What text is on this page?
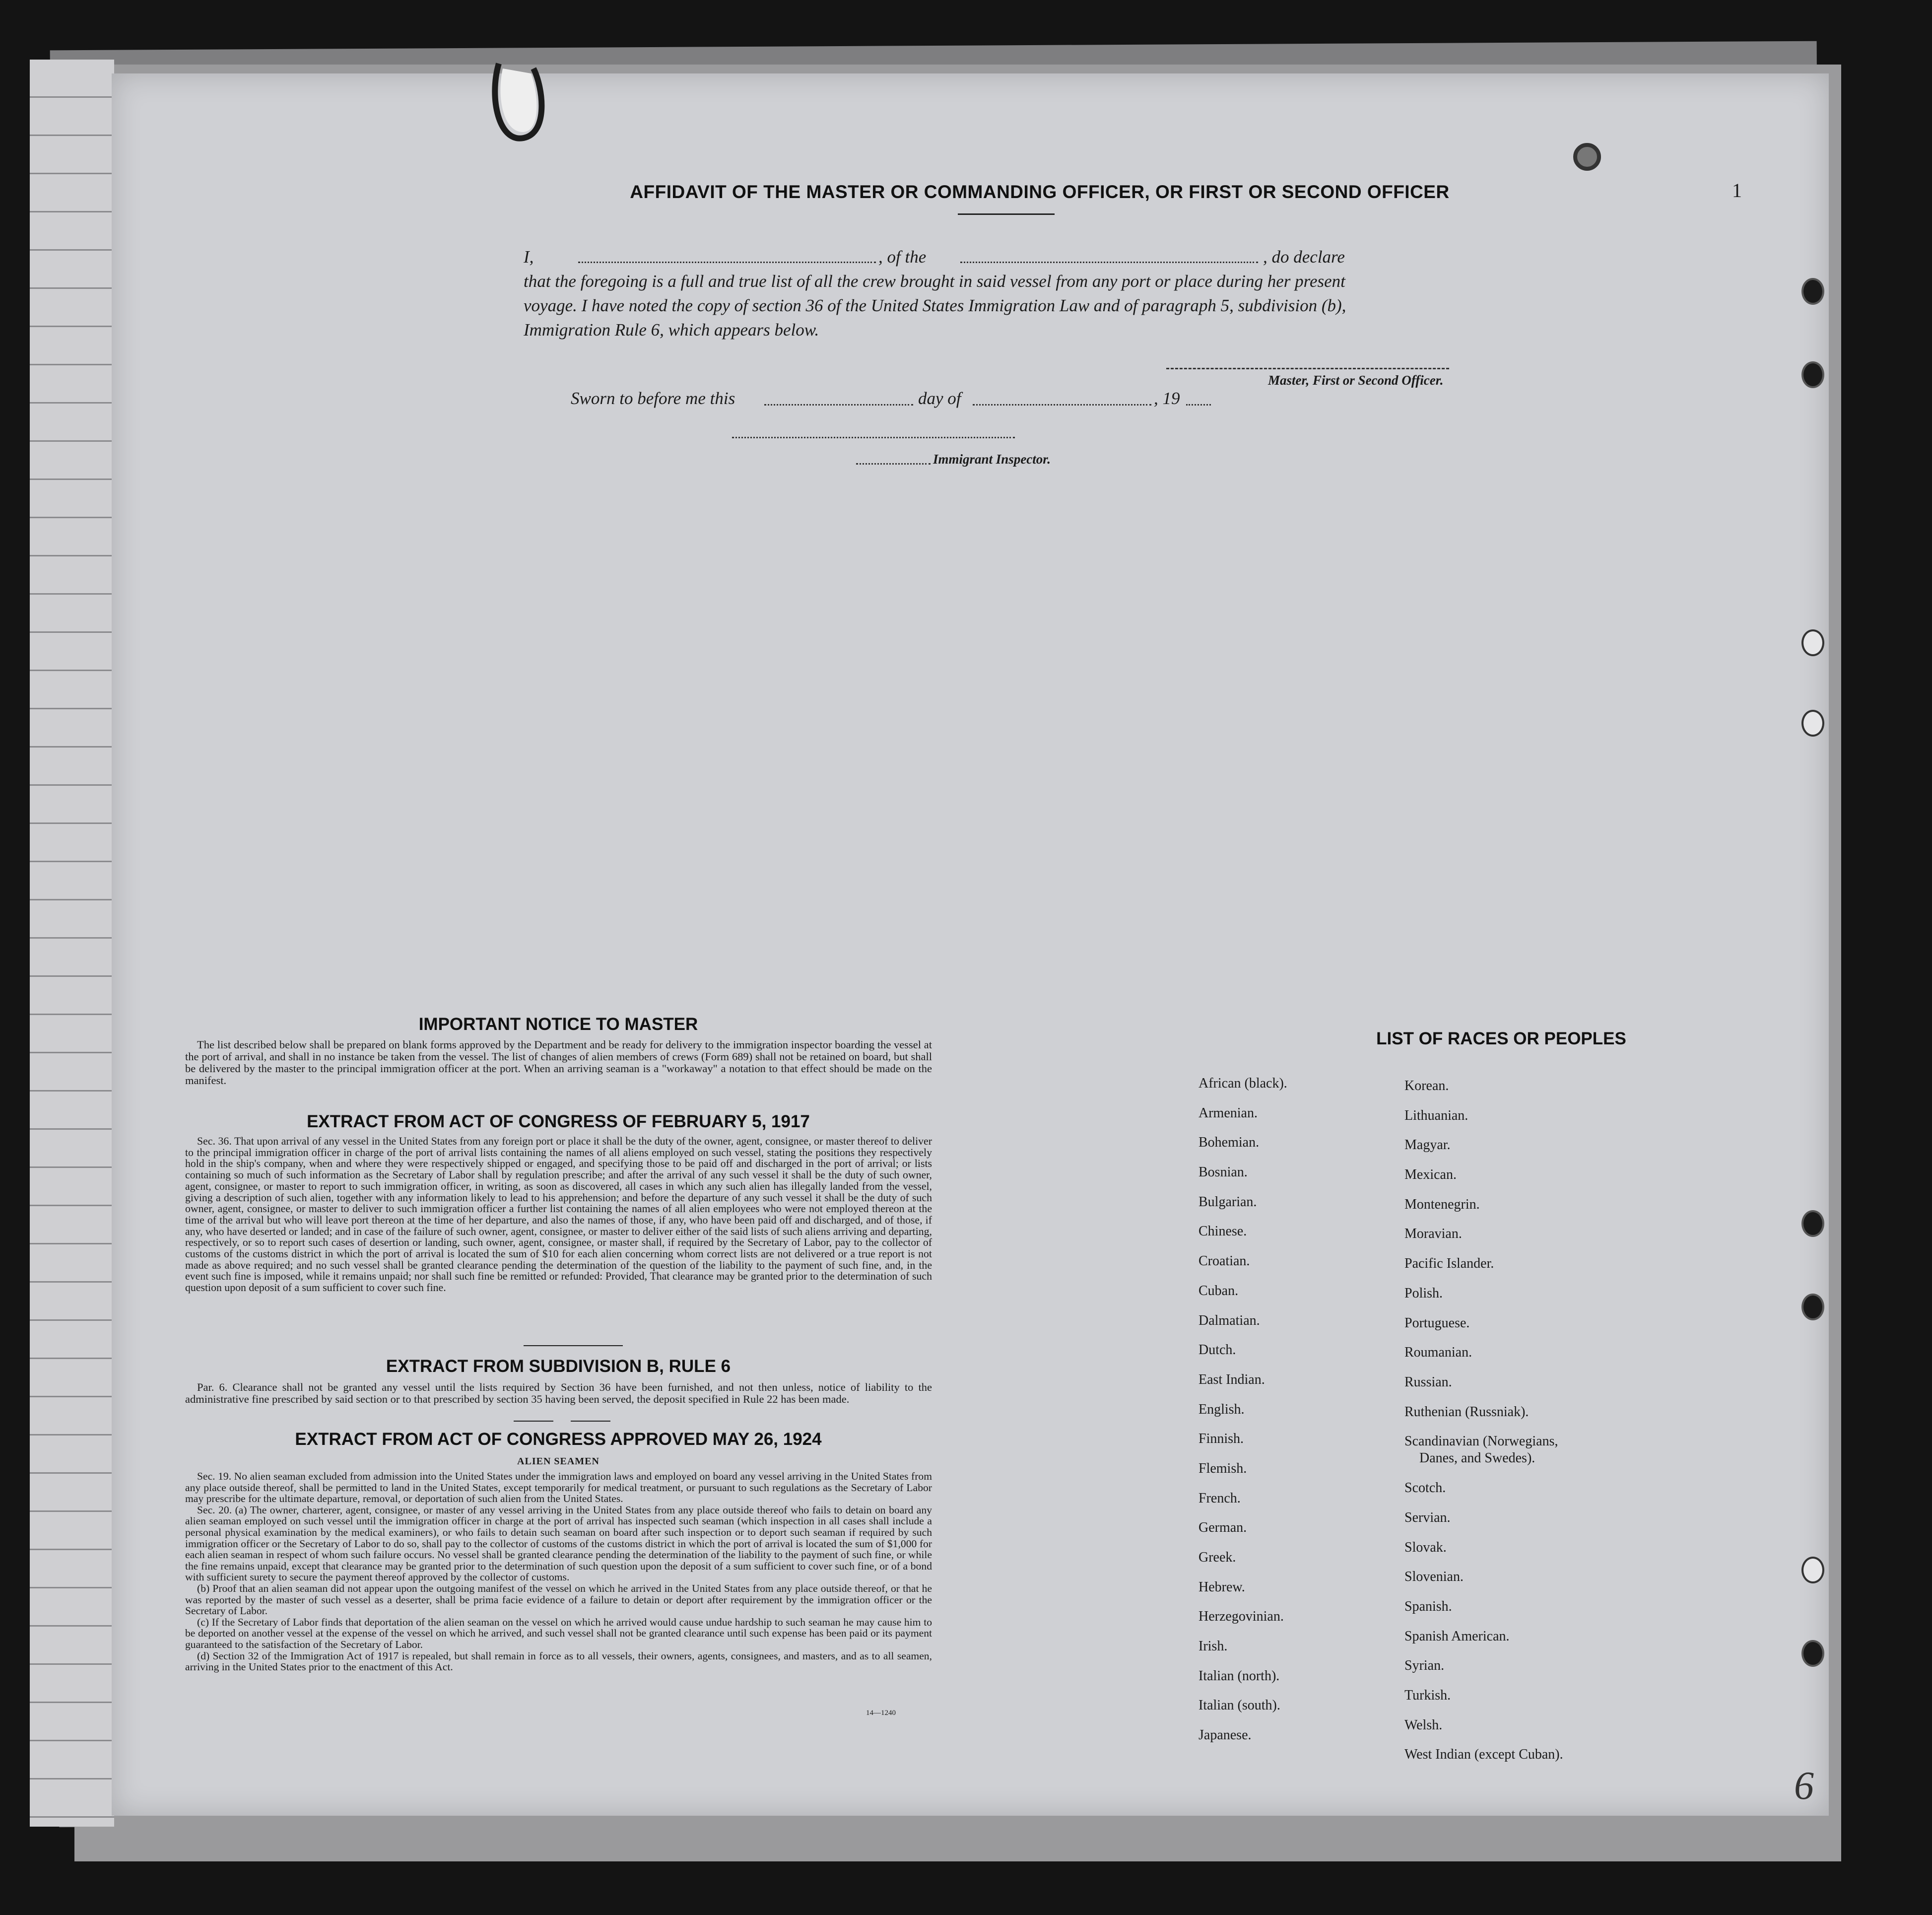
AFFIDAVIT OF THE MASTER OR COMMANDING OFFICER, OR FIRST OR SECOND OFFICER	1
I,	, of the	, do declare
that the foregoing is a full and true list of all the crew brought in said vessel from any port or place during her present
voyage. I have noted the copy of section 36 of the United States Immigration Law and of paragraph 5, subdivision (b),
Immigration Rule 6, which appears below.
Master, First or Second Officer.
Sworn to before me this	day of	, 19
Immigrant Inspector.
IMPORTANT NOTICE TO MASTER

The list described below shall be prepared on blank forms approved by the Department and be ready for delivery to the immigration inspector boarding the vessel at the port of arrival, and shall in no instance be taken from the vessel. The list of changes of alien members of crews (Form 689) shall not be retained on board, but shall be delivered by the master to the principal immigration officer at the port. When an arriving seaman is a "workaway" a notation to that effect should be made on the manifest.

EXTRACT FROM ACT OF CONGRESS OF FEBRUARY 5, 1917

Sec. 36. That upon arrival of any vessel in the United States from any foreign port or place it shall be the duty of the owner, agent, consignee, or master thereof to deliver to the principal immigration officer in charge of the port of arrival lists containing the names of all aliens employed on such vessel, stating the positions they respectively hold in the ship's company, when and where they were respectively shipped or engaged, and specifying those to be paid off and discharged in the port of arrival; or lists containing so much of such information as the Secretary of Labor shall by regulation prescribe; and after the arrival of any such vessel it shall be the duty of such owner, agent, consignee, or master to report to such immigration officer, in writing, as soon as discovered, all cases in which any such alien has illegally landed from the vessel, giving a description of such alien, together with any information likely to lead to his apprehension; and before the departure of any such vessel it shall be the duty of such owner, agent, consignee, or master to deliver to such immigration officer a further list containing the names of all alien employees who were not employed thereon at the time of the arrival but who will leave port thereon at the time of her departure, and also the names of those, if any, who have been paid off and discharged, and of those, if any, who have deserted or landed; and in case of the failure of such owner, agent, consignee, or master to deliver either of the said lists of such aliens arriving and departing, respectively, or so to report such cases of desertion or landing, such owner, agent, consignee, or master shall, if required by the Secretary of Labor, pay to the collector of customs of the customs district in which the port of arrival is located the sum of $10 for each alien concerning whom correct lists are not delivered or a true report is not made as above required; and no such vessel shall be granted clearance pending the determination of the question of the liability to the payment of such fine, and, in the event such fine is imposed, while it remains unpaid; nor shall such fine be remitted or refunded: Provided, That clearance may be granted prior to the determination of such question upon deposit of a sum sufficient to cover such fine.

EXTRACT FROM SUBDIVISION B, RULE 6

Par. 6. Clearance shall not be granted any vessel until the lists required by Section 36 have been furnished, and not then unless, notice of liability to the administrative fine prescribed by said section or to that prescribed by section 35 having been served, the deposit specified in Rule 22 has been made.

EXTRACT FROM ACT OF CONGRESS APPROVED MAY 26, 1924
ALIEN SEAMEN

Sec. 19. No alien seaman excluded from admission into the United States under the immigration laws and employed on board any vessel arriving in the United States from any place outside thereof, shall be permitted to land in the United States, except temporarily for medical treatment, or pursuant to such regulations as the Secretary of Labor may prescribe for the ultimate departure, removal, or deportation of such alien from the United States.

Sec. 20. (a) The owner, charterer, agent, consignee, or master of any vessel arriving in the United States from any place outside thereof who fails to detain on board any alien seaman employed on such vessel until the immigration officer in charge at the port of arrival has inspected such seaman (which inspection in all cases shall include a personal physical examination by the medical examiners), or who fails to detain such seaman on board after such inspection or to deport such seaman if required by such immigration officer or the Secretary of Labor to do so, shall pay to the collector of customs of the customs district in which the port of arrival is located the sum of $1,000 for each alien seaman in respect of whom such failure occurs. No vessel shall be granted clearance pending the determination of the liability to the payment of such fine, or while the fine remains unpaid, except that clearance may be granted prior to the determination of such question upon the deposit of a sum sufficient to cover such fine, or of a bond with sufficient surety to secure the payment thereof approved by the collector of customs.

(b) Proof that an alien seaman did not appear upon the outgoing manifest of the vessel on which he arrived in the United States from any place outside thereof, or that he was reported by the master of such vessel as a deserter, shall be prima facie evidence of a failure to detain or deport after requirement by the immigration officer or the Secretary of Labor.

(c) If the Secretary of Labor finds that deportation of the alien seaman on the vessel on which he arrived would cause undue hardship to such seaman he may cause him to be deported on another vessel at the expense of the vessel on which he arrived, and such vessel shall not be granted clearance until such expense has been paid or its payment guaranteed to the satisfaction of the Secretary of Labor.

(d) Section 32 of the Immigration Act of 1917 is repealed, but shall remain in force as to all vessels, their owners, agents, consignees, and masters, and as to all seamen, arriving in the United States prior to the enactment of this Act.

14—1240
LIST OF RACES OR PEOPLES
African (black).
Armenian.
Bohemian.
Bosnian.
Bulgarian.
Chinese.
Croatian.
Cuban.
Dalmatian.
Dutch.
East Indian.
English.
Finnish.
Flemish.
French.
German.
Greek.
Hebrew.
Herzegovinian.
Irish.
Italian (north).
Italian (south).
Japanese.
Korean.
Lithuanian.
Magyar.
Mexican.
Montenegrin.
Moravian.
Pacific Islander.
Polish.
Portuguese.
Roumanian.
Russian.
Ruthenian (Russniak).
Scandinavian (Norwegians,
Danes, and Swedes).
Scotch.
Servian.
Slovak.
Slovenian.
Spanish.
Spanish American.
Syrian.
Turkish.
Welsh.
West Indian (except Cuban).
6
